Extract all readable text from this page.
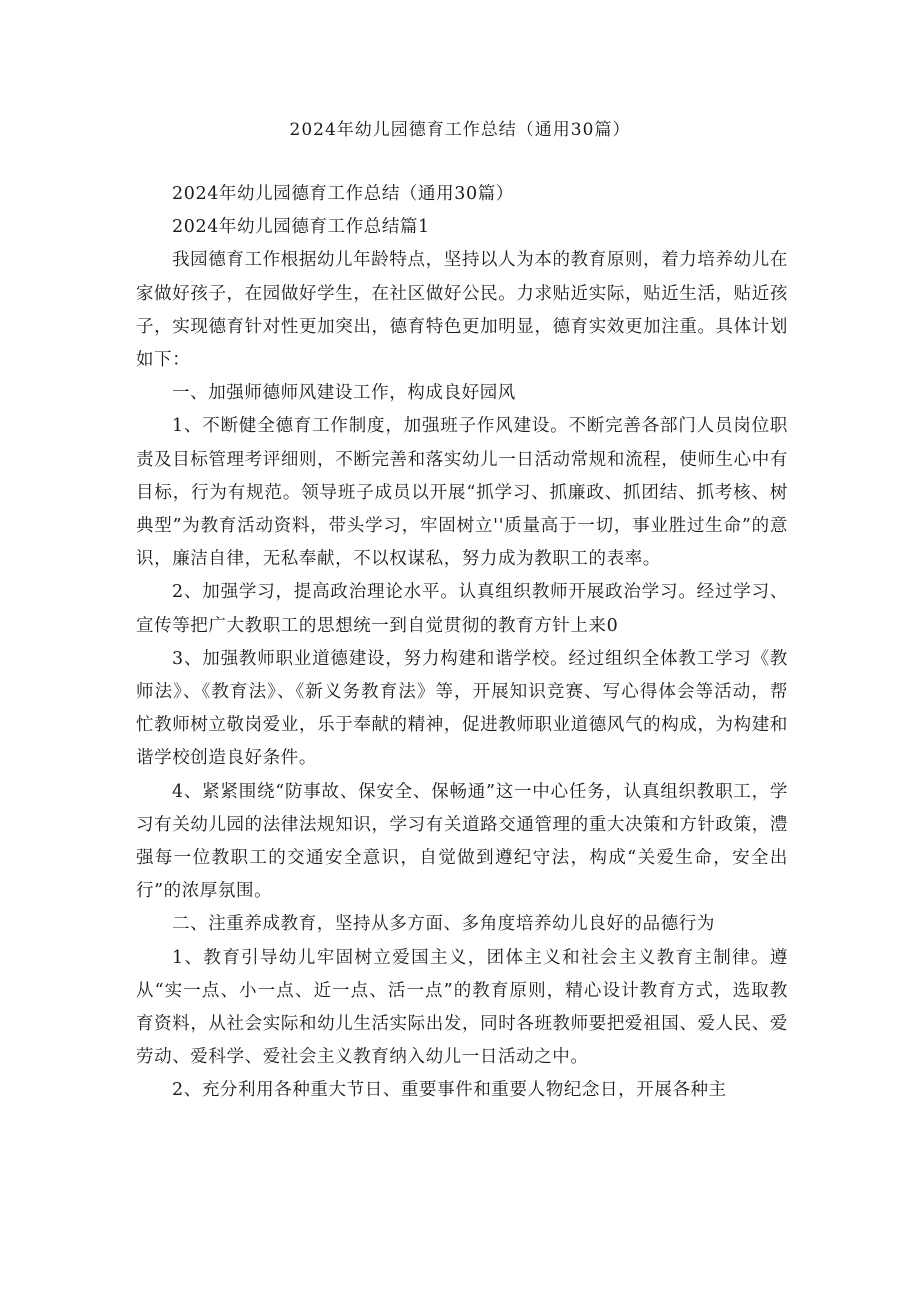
2024年幼儿园德育工作总结（通用30篇）

2024年幼儿园德育工作总结（通用30篇）

2024年幼儿园德育工作总结篇1

我园德育工作根据幼儿年龄特点，坚持以人为本的教育原则，着力培养幼儿在家做好孩子，在园做好学生，在社区做好公民。力求贴近实际，贴近生活，贴近孩子，实现德育针对性更加突出，德育特色更加明显，德育实效更加注重。具体计划如下：

一、加强师德师风建设工作，构成良好园风

1、不断健全德育工作制度，加强班子作风建设。不断完善各部门人员岗位职责及目标管理考评细则，不断完善和落实幼儿一日活动常规和流程，使师生心中有目标，行为有规范。领导班子成员以开展“抓学习、抓廉政、抓团结、抓考核、树典型”为教育活动资料，带头学习，牢固树立''质量高于一切，事业胜过生命”的意识，廉洁自律，无私奉献，不以权谋私，努力成为教职工的表率。

2、加强学习，提高政治理论水平。认真组织教师开展政治学习。经过学习、宣传等把广大教职工的思想统一到自觉贯彻的教育方针上来0

3、加强教师职业道德建设，努力构建和谐学校。经过组织全体教工学习《教师法》、《教育法》、《新义务教育法》等，开展知识竞赛、写心得体会等活动，帮忙教师树立敬岗爱业，乐于奉献的精神，促进教师职业道德风气的构成，为构建和谐学校创造良好条件。

4、紧紧围绕“防事故、保安全、保畅通”这一中心任务，认真组织教职工，学习有关幼儿园的法律法规知识，学习有关道路交通管理的重大决策和方针政策，澧强每一位教职工的交通安全意识，自觉做到遵纪守法，构成“关爱生命，安全出行”的浓厚氛围。

二、注重养成教育，坚持从多方面、多角度培养幼儿良好的品德行为

1、教育引导幼儿牢固树立爱国主义，团体主义和社会主义教育主制律。遵从“实一点、小一点、近一点、活一点”的教育原则，精心设计教育方式，选取教育资料，从社会实际和幼儿生活实际出发，同时各班教师要把爱祖国、爱人民、爱劳动、爱科学、爱社会主义教育纳入幼儿一日活动之中。

2、充分利用各种重大节日、重要事件和重要人物纪念日，开展各种主
